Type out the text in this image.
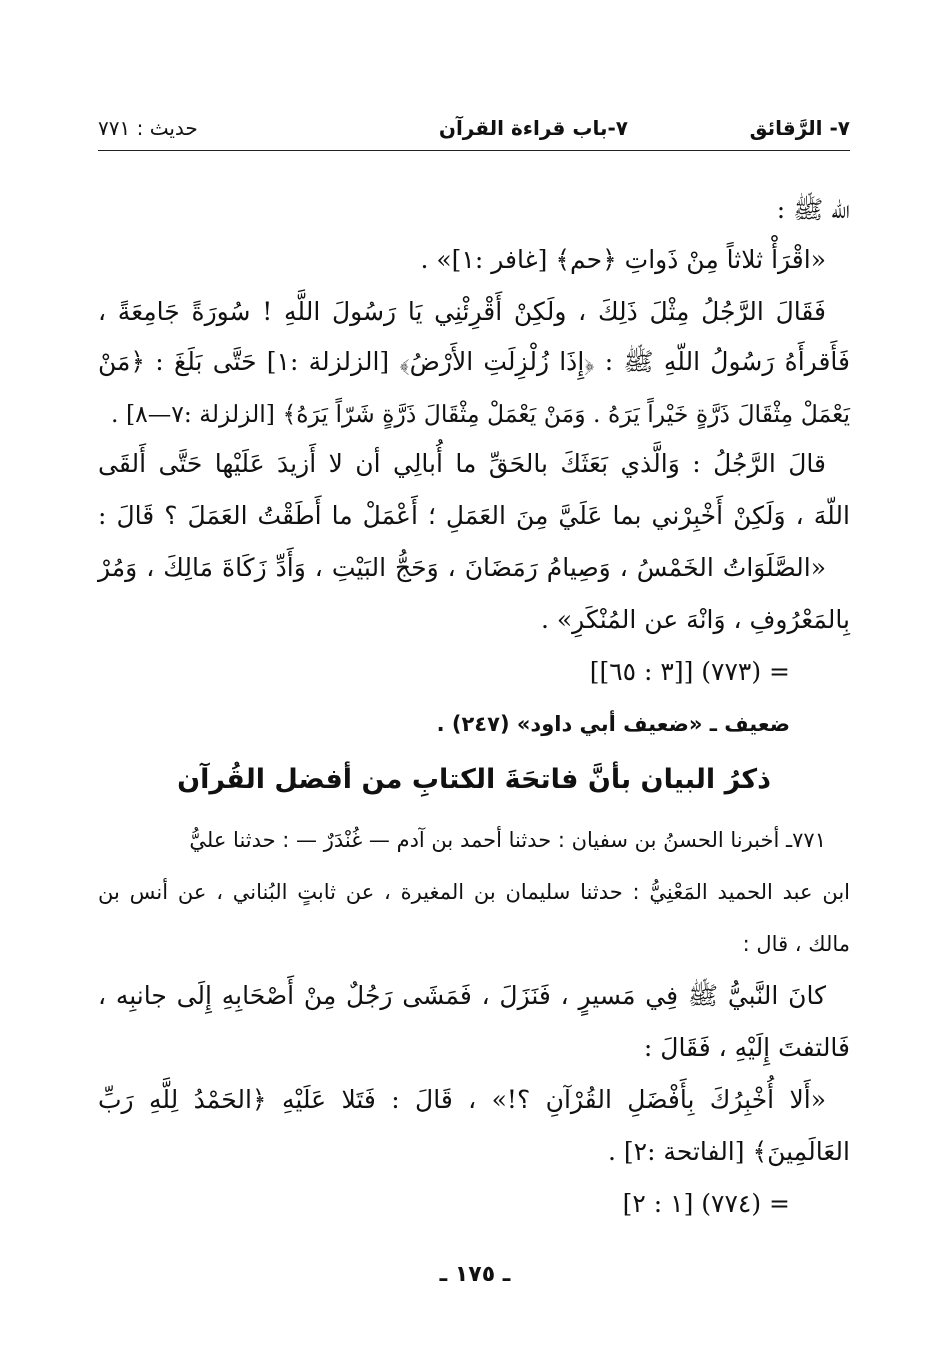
٧- الرَّقائق
٧-باب قراءة القرآن
حديث : ٧٧١
اللّه ﷺ :
«اقْرَأْ ثلاثاً مِنْ ذَواتِ ﴿حم﴾ [غافر :١]» .
فَقَالَ الرَّجُلُ مِثْلَ ذَلِكَ ، ولَكِنْ أَقْرِئْنِي يَا رَسُولَ اللَّهِ ! سُورَةً جَامِعَةً ،
فَأَقرأَهُ رَسُولُ اللّهِ ﷺ : ﴿إِذَا زُلْزِلَتِ الأَرْضُ﴾ [الزلزلة :١] حَتَّى بَلَغَ : ﴿مَنْ
يَعْمَلْ مِثْقَالَ ذَرَّةٍ خَيْراً يَرَهُ . وَمَنْ يَعْمَلْ مِثْقَالَ ذَرَّةٍ شَرّاً يَرَهُ﴾ [الزلزلة :٧—٨] .
قالَ الرَّجُلُ : وَالَّذي بَعَثَكَ بالحَقِّ ما أُبالِي أن لا أَزيدَ عَلَيْها حَتَّى أَلقَى
اللّهَ ، وَلَكِنْ أَخْبِرْني بما عَلَيَّ مِنَ العَمَلِ ؛ أَعْمَلْ ما أَطَقْتُ العَمَلَ ؟ قَالَ :
«الصَّلَوَاتُ الخَمْسُ ، وَصِيامُ رَمَضَانَ ، وَحَجُّ البَيْتِ ، وَأَدِّ زَكَاةَ مَالِكَ ، وَمُرْ
بِالمَعْرُوفِ ، وَانْهَ عن المُنْكَرِ» .
= (٧٧٣) [[٣ : ٦٥]]
ضعيف ـ «ضعيف أبي داود» (٢٤٧) .
ذكرُ البيان بأنَّ فاتحَةَ الكتابِ من أفضل القُرآن
٧٧١ـ أخبرنا الحسنُ بن سفيان : حدثنا أحمد بن آدم — غُنْدَرٌ — : حدثنا عليُّ
ابن عبد الحميد المَعْنِيُّ : حدثنا سليمان بن المغيرة ، عن ثابتٍ البُناني ، عن أنس بن
مالك ، قال :
كانَ النَّبيُّ ﷺ فِي مَسيرٍ ، فَنَزَلَ ، فَمَشَى رَجُلٌ مِنْ أَصْحَابِهِ إِلَى جانبِه ،
فَالتفتَ إِلَيْهِ ، فَقَالَ :
«أَلا أُخْبِرُكَ بِأَفْضَلِ القُرْآنِ ؟!» ، قَالَ : فَتَلا عَلَيْهِ ﴿الحَمْدُ لِلَّهِ رَبِّ
العَالَمِينَ﴾ [الفاتحة :٢] .
= (٧٧٤) [١ : ٢]
ـ ١٧٥ ـ
